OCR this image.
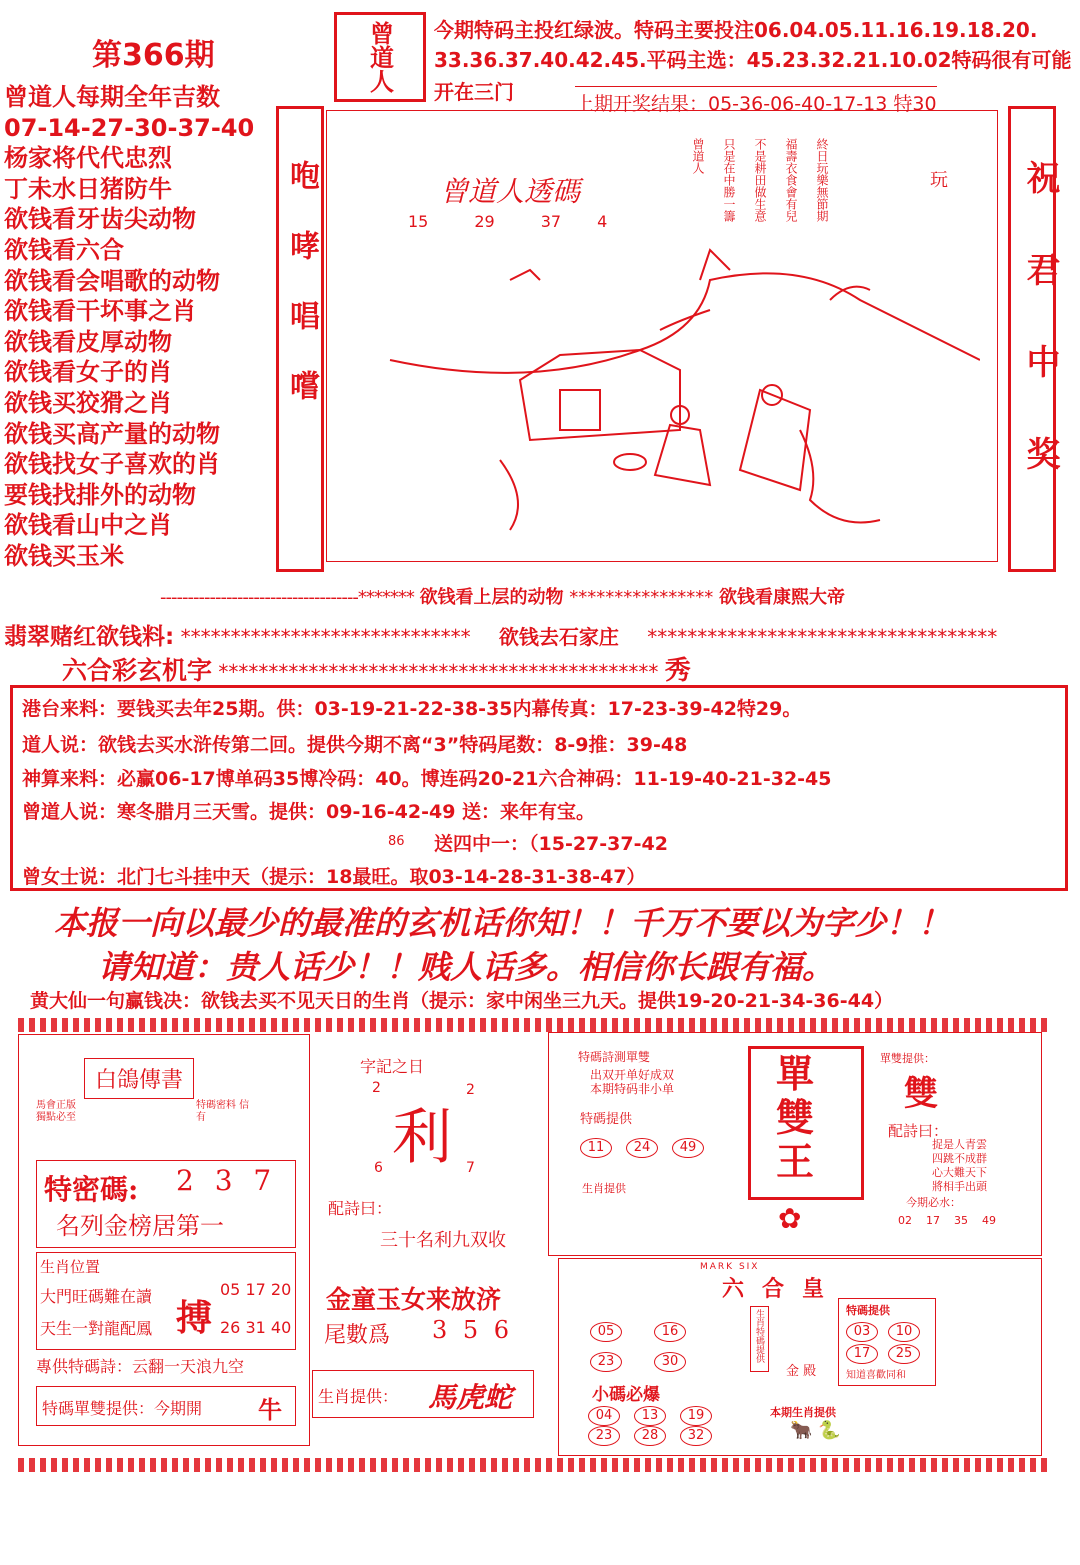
第366期	曾道人 今期特码主投红绿波。特码主要投注06.04.05.11.16.19.18.20.
33.36.37.40.42.45.平码主选：45.23.32.21.10.02特码很有可能
开在三门	上期开奖结果：05-36-06-40-17-13 特30
曾道人每期全年吉数
07-14-27-30-37-40
杨家将代代忠烈
丁未水日猪防牛
欲钱看牙齿尖动物
欲钱看六合
欲钱看会唱歌的动物
欲钱看干坏事之肖
欲钱看皮厚动物
欲钱看女子的肖
欲钱买狡猾之肖
欲钱买高产量的动物
欲钱找女子喜欢的肖
要钱找排外的动物
欲钱看山中之肖
欲钱买玉米
咆哮唱嚐
祝君中奖
曾道人透碼
15	29	37 4	終日玩樂無節期
福壽衣食會有兒
不是耕田做生意
只是在中勝一籌
曾道人
玩
------------------------------------******* 欲钱看上层的动物 **************** 欲钱看康熙大帝
翡翠赌红欲钱料: ***************************** 欲钱去石家庄 ***********************************
六合彩玄机字 ******************************************** 秀
港台来料：要钱买去年25期。供：03-19-21-22-38-35内幕传真：17-23-39-42特29。
道人说：欲钱去买水浒传第二回。提供今期不离“3”特码尾数：8-9推：39-48
神算来料：必赢06-17博单码35博冷码：40。博连码20-21六合神码：11-19-40-21-32-45
曾道人说：寒冬腊月三天雪。提供：09-16-42-49 送：来年有宝。
86 送四中一：（15-27-37-42
曾女士说：北门七斗挂中天（提示：18最旺。取03-14-28-31-38-47）
本报一向以最少的最准的玄机话你知！！千万不要以为字少！！
请知道：贵人话少！！贱人话多。相信你长跟有福。
黄大仙一句赢钱决：欲钱去买不见天日的生肖（提示：家中闲坐三九天。提供19-20-21-34-36-44）
白鴿傳書
馬會正版 獨點必至
特碼密料 信有
特密碼: 2 3 7
名列金榜居第一
生肖位置
大門旺碼難在讀
天生一對龍配鳳 搏
05 17 20
26 31 40
專供特碼詩：云翻一天浪九空
特碼單雙提供：今期開 牛
字記之日
2	2
6	7
利
配詩曰：
三十名利九双收
金童玉女来放济
尾數爲 3 5 6
生肖提供： 馬虎蛇
特碼詩測單雙
出双开单好成双
本期特码非小单
特碼提供
11 24 49
生肖提供
單
雙
王
✿
單雙提供：
雙
配詩曰：
捉是人青雲
四跳不成群
心大難天下
將相手出頭
今期必水：
02 17 35 49
MARK SIX
六合皇
05	16
23	30	生肖特碼提供
金 殿
小碼必爆
04 13 19
23 28 32
特碼提供
03 10
17 25
知道喜歡同和
本期生肖提供
🐂 🐍
